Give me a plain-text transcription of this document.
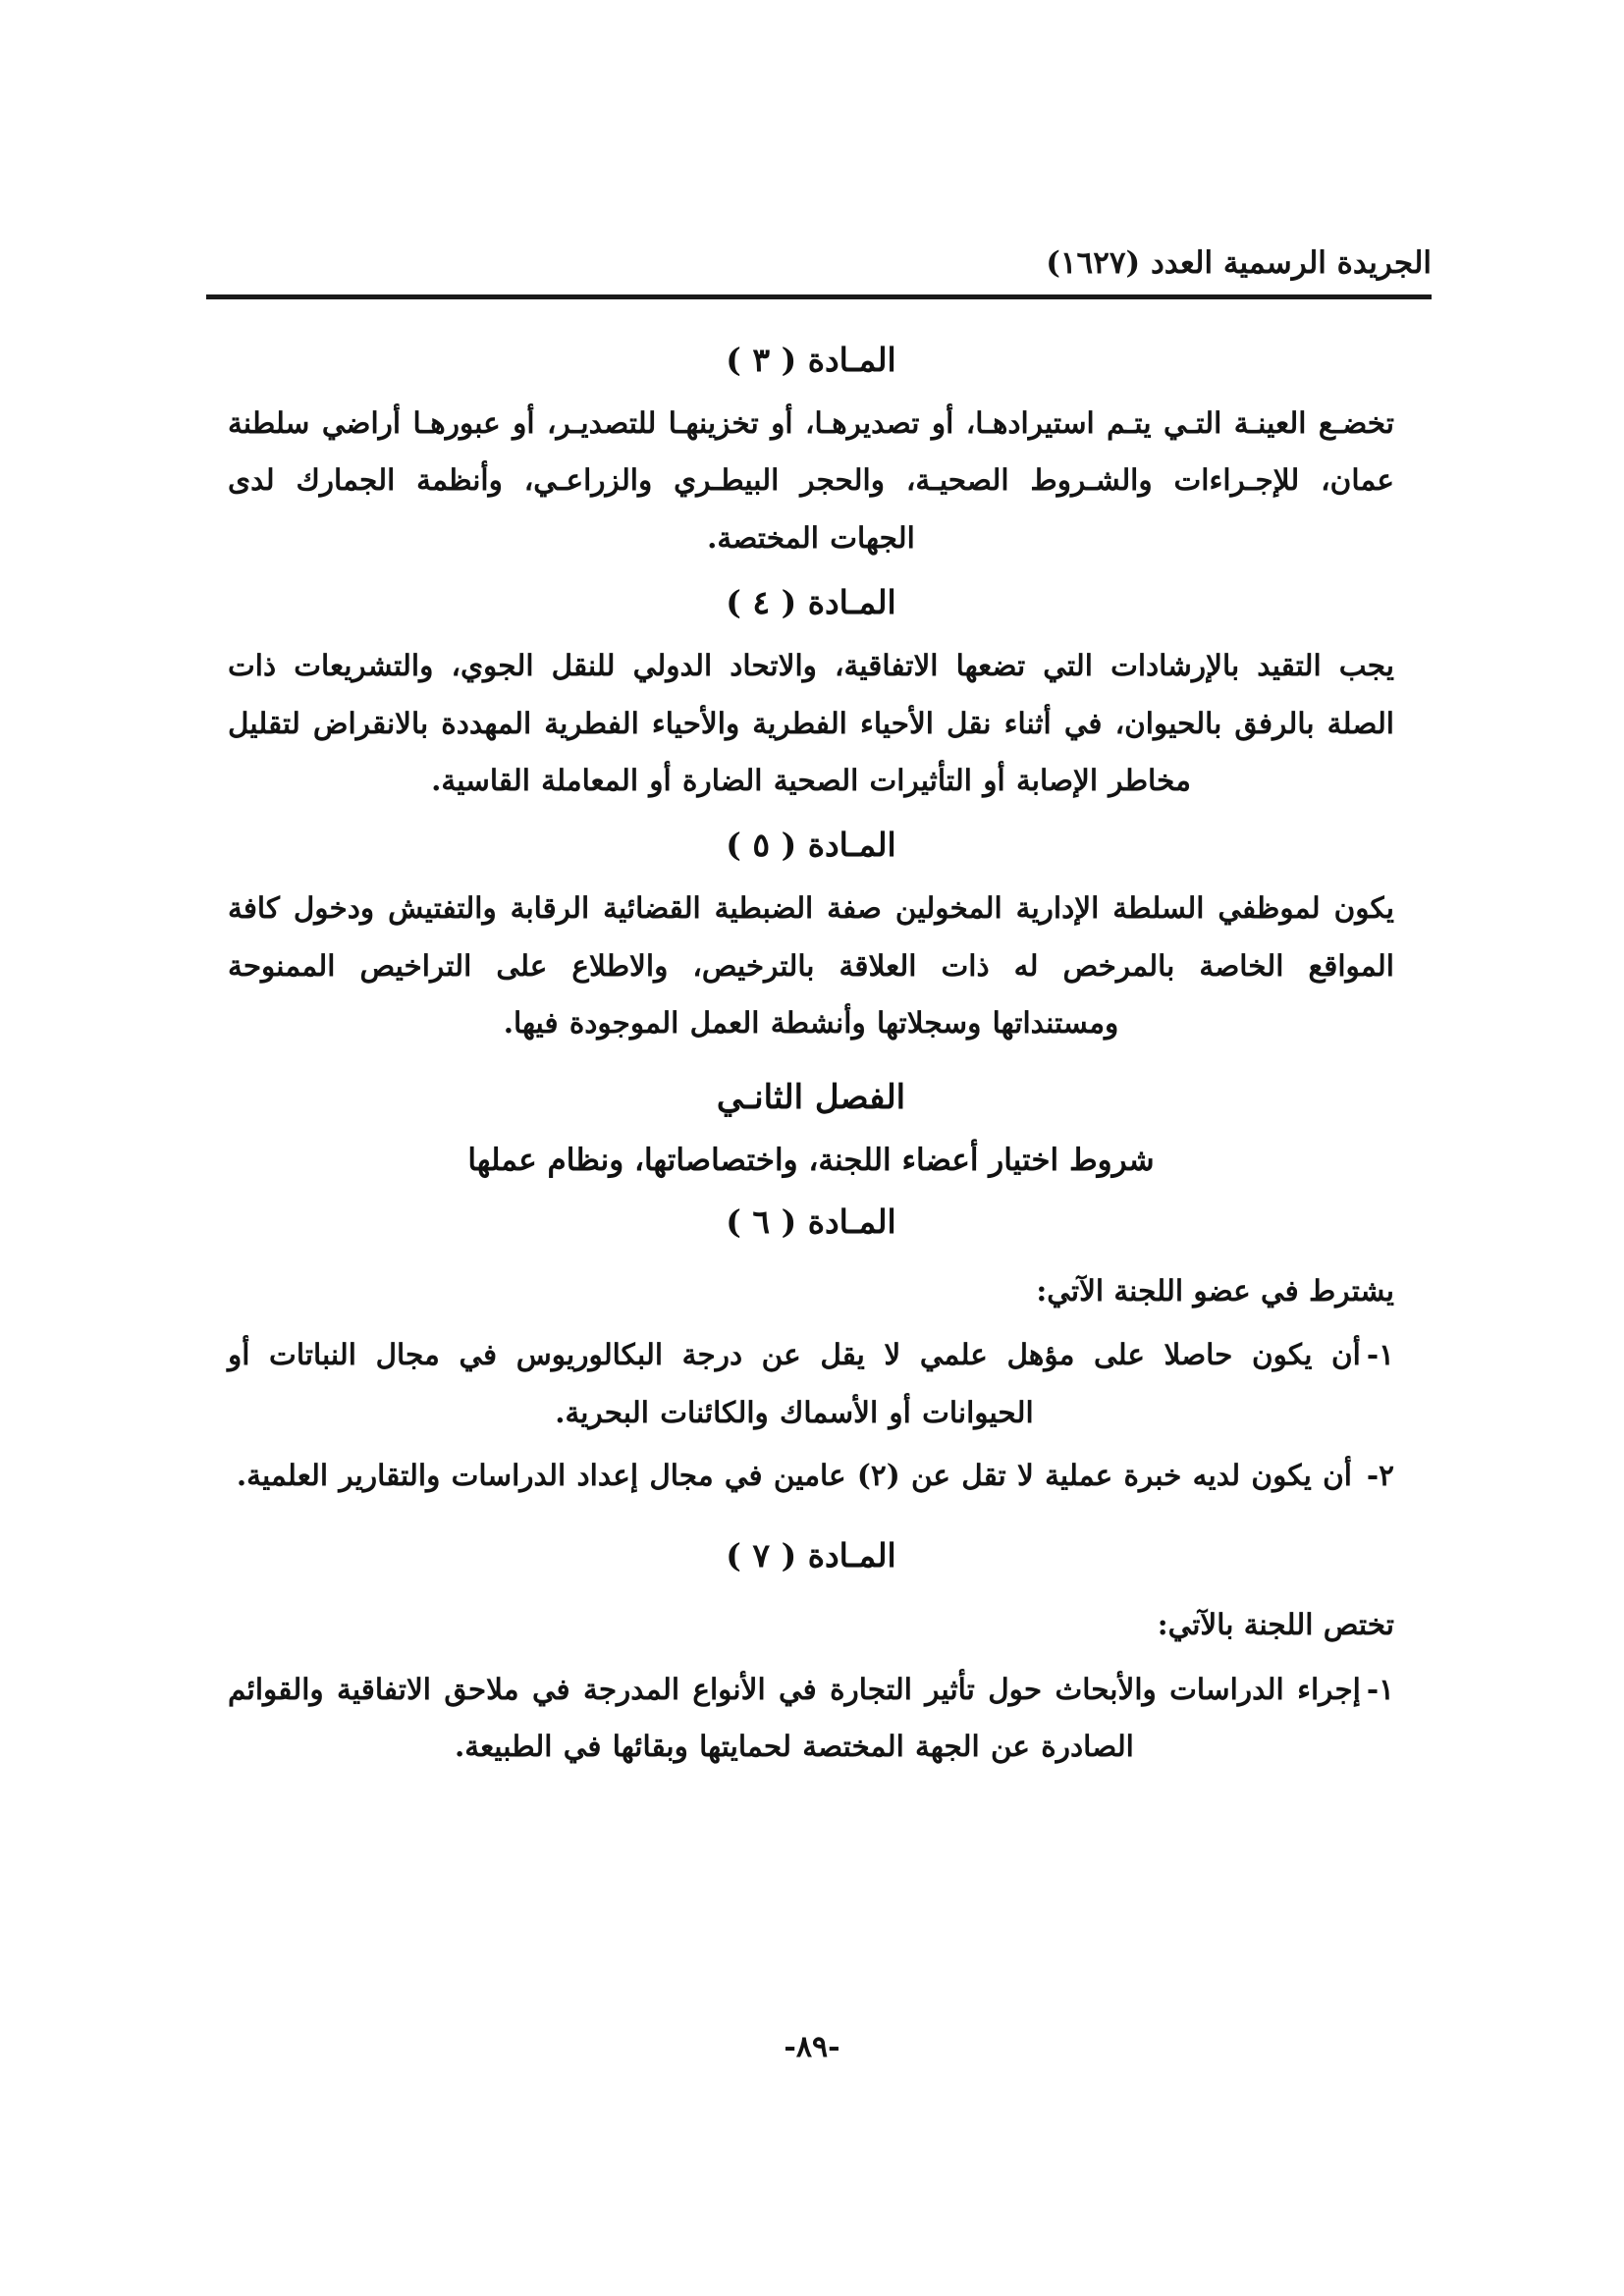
الجريدة الرسمية العدد (١٦٢٧)
المـادة ( ٣ )

تخضـع العينـة التـي يتـم استيرادهـا، أو تصديرهـا، أو تخزينهـا للتصديـر، أو عبورهـا أراضي سلطنة عمان، للإجـراءات والشـروط الصحيـة، والحجر البيطـري والزراعـي، وأنظمة الجمارك لدى الجهات المختصة.

المـادة ( ٤ )

يجب التقيد بالإرشادات التي تضعها الاتفاقية، والاتحاد الدولي للنقل الجوي، والتشريعات ذات الصلة بالرفق بالحيوان، في أثناء نقل الأحياء الفطرية والأحياء الفطرية المهددة بالانقراض لتقليل مخاطر الإصابة أو التأثيرات الصحية الضارة أو المعاملة القاسية.

المـادة ( ٥ )

يكون لموظفي السلطة الإدارية المخولين صفة الضبطية القضائية الرقابة والتفتيش ودخول كافة المواقع الخاصة بالمرخص له ذات العلاقة بالترخيص، والاطلاع على التراخيص الممنوحة ومستنداتها وسجلاتها وأنشطة العمل الموجودة فيها.

الفصل الثانـي
شروط اختيار أعضاء اللجنة، واختصاصاتها، ونظام عملها
المـادة ( ٦ )

يشترط في عضو اللجنة الآتي:

١-
أن يكون حاصلا على مؤهل علمي لا يقل عن درجة البكالوريوس في مجال النباتات أو الحيوانات أو الأسماك والكائنات البحرية.
٢-
أن يكون لديه خبرة عملية لا تقل عن (٢) عامين في مجال إعداد الدراسات والتقارير العلمية.
المـادة ( ٧ )

تختص اللجنة بالآتي:

١-
إجراء الدراسات والأبحاث حول تأثير التجارة في الأنواع المدرجة في ملاحق الاتفاقية والقوائم الصادرة عن الجهة المختصة لحمايتها وبقائها في الطبيعة.
-٨٩-
